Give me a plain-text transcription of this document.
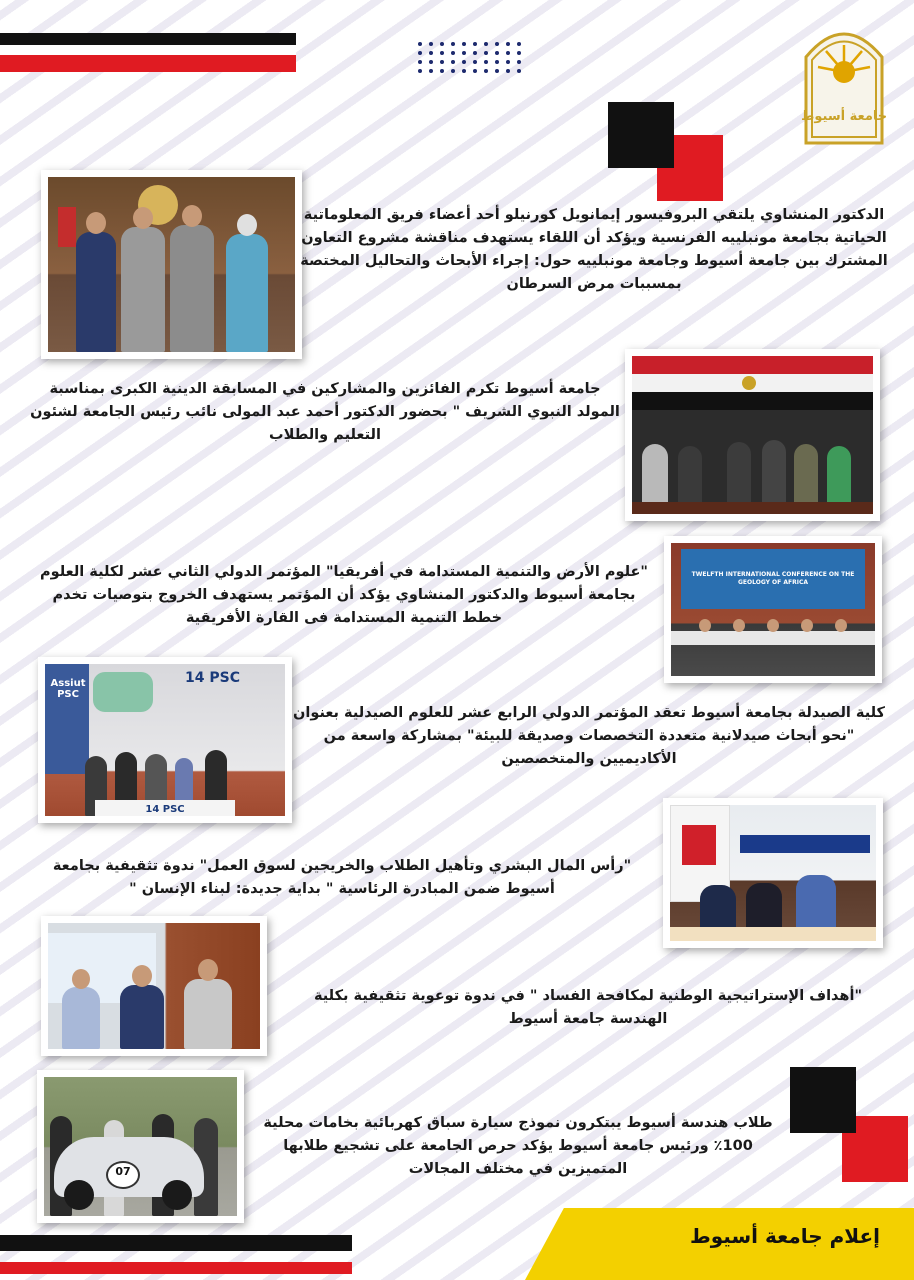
جامعة أسيوط
الدكتور المنشاوي يلتقي البروفيسور إيمانويل كورنيلو أحد أعضاء فريق المعلوماتية الحياتية بجامعة مونبلييه الفرنسية ويؤكد أن اللقاء يستهدف مناقشة مشروع التعاون المشترك بين جامعة أسيوط وجامعة مونبلييه حول: إجراء الأبحاث والتحاليل المختصة بمسببات مرض السرطان
جامعة أسيوط تكرم الفائزين والمشاركين في المسابقة الدينية الكبرى بمناسبة المولد النبوي الشريف " بحضور الدكتور أحمد عبد المولى نائب رئيس الجامعة لشئون التعليم والطلاب
"علوم الأرض والتنمية المستدامة في أفريقيا" المؤتمر الدولي الثاني عشر لكلية العلوم بجامعة أسيوط والدكتور المنشاوي يؤكد أن المؤتمر يستهدف الخروج بتوصيات تخدم خطط التنمية المستدامة فى القارة الأفريقية
TWELFTH INTERNATIONAL CONFERENCE ON THE GEOLOGY OF AFRICA
Assiut PSC
14 PSC
14 PSC
كلية الصيدلة بجامعة أسيوط تعقد المؤتمر الدولي الرابع عشر للعلوم الصيدلية بعنوان "نحو أبحاث صيدلانية متعددة التخصصات وصديقة للبيئة" بمشاركة واسعة من الأكاديميين والمتخصصين
"رأس المال البشري وتأهيل الطلاب والخريجين لسوق العمل" ندوة تثقيفية بجامعة أسيوط ضمن المبادرة الرئاسية " بداية جديدة: لبناء الإنسان "
"أهداف الإستراتيجية الوطنية لمكافحة الفساد " في ندوة توعوية تثقيفية بكلية الهندسة جامعة أسيوط
07
طلاب هندسة أسيوط يبتكرون نموذج سيارة سباق كهربائية بخامات محلية 100٪ ورئيس جامعة أسيوط يؤكد حرص الجامعة على تشجيع طلابها المتميزين في مختلف المجالات
إعلام جامعة أسيوط
